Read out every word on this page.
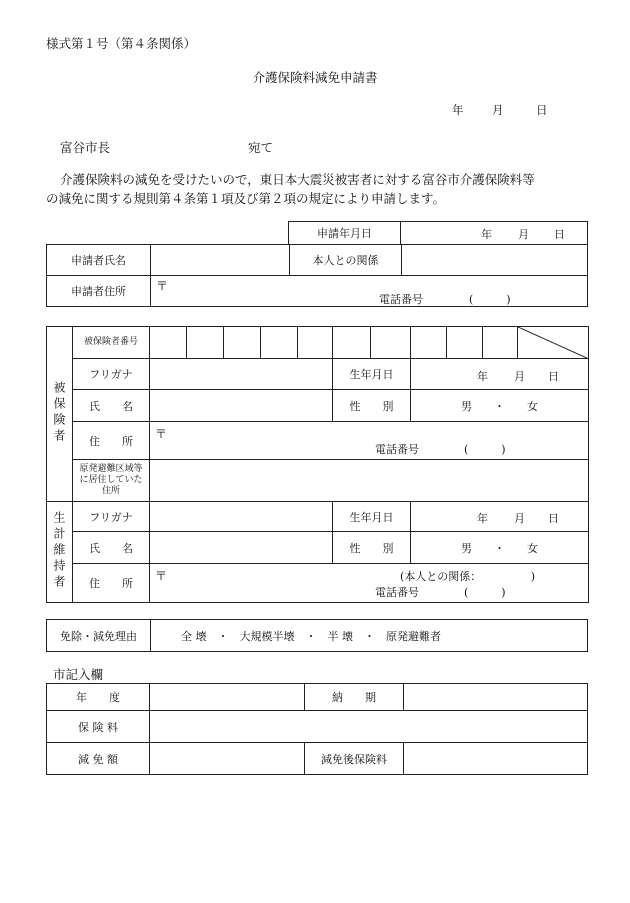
様式第１号（第４条関係）
介護保険料減免申請書
年 月	日
富谷市長	宛て
介護保険料の減免を受けたいので，東日本大震災被害者に対する富谷市介護保険料等
の減免に関する規則第４条第１項及び第２項の規定により申請します。
申請年月日	年 月 日
申請者氏名		本人との関係	
申請者住所	〒
電話番号 (　　　)		
被保険者	被保険者番号											

	フリガナ						生年月日		年 月 日			

	氏　　名						性　　別		男　　・　　女			
	住　　所	〒
電話番号 (　　　)										

	原発避難区域等に居住していた住所											
生計維持者	フリガナ						生年月日		年 月 日			

	氏　　名						性　　別		男　　・　　女			
	住　　所	〒 (本人との関係：　　　　　)
電話番号 (　　　)										
免除・減免理由	全 壊　・　大規模半壊　・　半 壊　・　原発避難者
市記入欄
年　　度		納　　期	
保 険 料			
減 免 額		減免後保険料	
